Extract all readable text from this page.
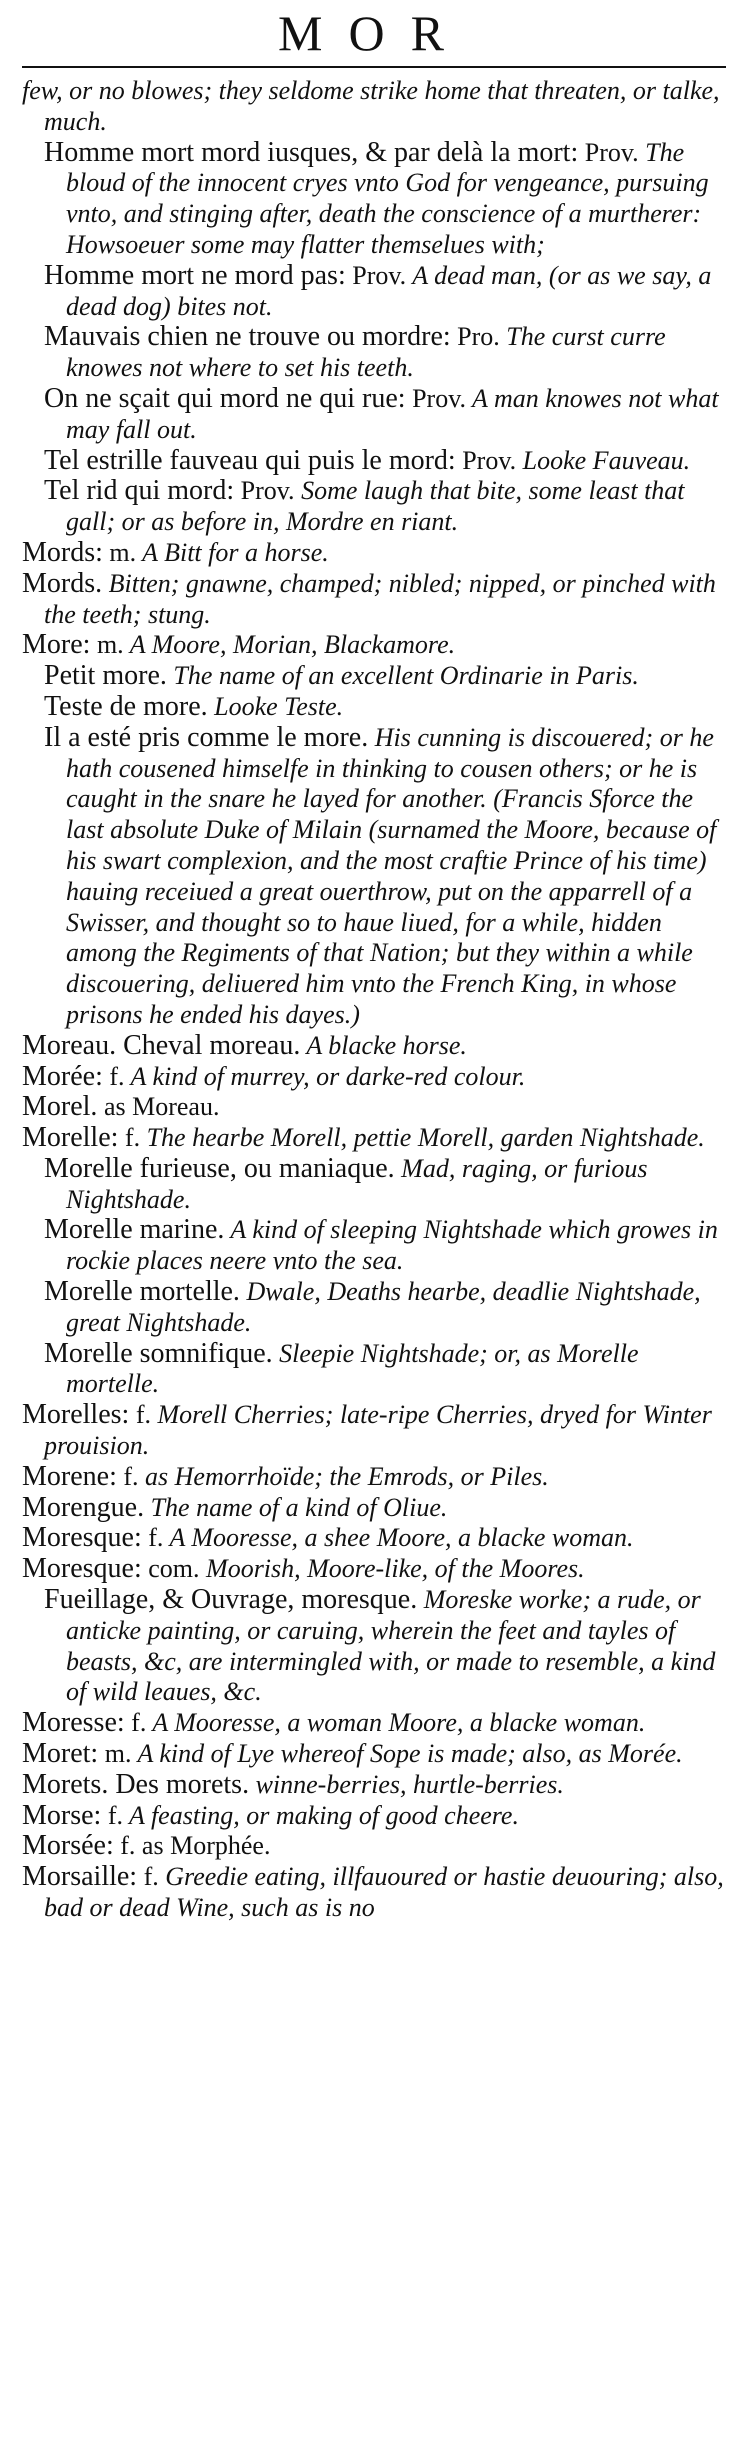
MOR

few, or no blowes; they seldome strike home that threaten, or talke, much.

Homme mort mord iusques, & par delà la mort: Prov. The bloud of the innocent cryes vnto God for vengeance, pursuing vnto, and stinging after, death the conscience of a murtherer: Howsoeuer some may flatter themselues with;

Homme mort ne mord pas: Prov. A dead man, (or as we say, a dead dog) bites not.

Mauvais chien ne trouve ou mordre: Pro. The curst curre knowes not where to set his teeth.

On ne sçait qui mord ne qui rue: Prov. A man knowes not what may fall out.

Tel estrille fauveau qui puis le mord: Prov. Looke Fauveau.

Tel rid qui mord: Prov. Some laugh that bite, some least that gall; or as before in, Mordre en riant.

Mords: m. A Bitt for a horse.

Mords. Bitten; gnawne, champed; nibled; nipped, or pinched with the teeth; stung.

More: m. A Moore, Morian, Blackamore.

Petit more. The name of an excellent Ordinarie in Paris.

Teste de more. Looke Teste.

Il a esté pris comme le more. His cunning is discouered; or he hath cousened himselfe in thinking to cousen others; or he is caught in the snare he layed for another. (Francis Sforce the last absolute Duke of Milain (surnamed the Moore, because of his swart complexion, and the most craftie Prince of his time) hauing receiued a great ouerthrow, put on the apparrell of a Swisser, and thought so to haue liued, for a while, hidden among the Regiments of that Nation; but they within a while discouering, deliuered him vnto the French King, in whose prisons he ended his dayes.)

Moreau. Cheval moreau. A blacke horse.

Morée: f. A kind of murrey, or darke-red colour.

Morel. as Moreau.

Morelle: f. The hearbe Morell, pettie Morell, garden Nightshade.

Morelle furieuse, ou maniaque. Mad, raging, or furious Nightshade.

Morelle marine. A kind of sleeping Nightshade which growes in rockie places neere vnto the sea.

Morelle mortelle. Dwale, Deaths hearbe, deadlie Nightshade, great Nightshade.

Morelle somnifique. Sleepie Nightshade; or, as Morelle mortelle.

Morelles: f. Morell Cherries; late-ripe Cherries, dryed for Winter prouision.

Morene: f. as Hemorrhoïde; the Emrods, or Piles.

Morengue. The name of a kind of Oliue.

Moresque: f. A Mooresse, a shee Moore, a blacke woman.

Moresque: com. Moorish, Moore-like, of the Moores.

Fueillage, & Ouvrage, moresque. Moreske worke; a rude, or anticke painting, or caruing, wherein the feet and tayles of beasts, &c, are intermingled with, or made to resemble, a kind of wild leaues, &c.

Moresse: f. A Mooresse, a woman Moore, a blacke woman.

Moret: m. A kind of Lye whereof Sope is made; also, as Morée.

Morets. Des morets. winne-berries, hurtle-berries.

Morse: f. A feasting, or making of good cheere.

Morsée: f. as Morphée.

Morsaille: f. Greedie eating, illfauoured or hastie deuouring; also, bad or dead Wine, such as is no
